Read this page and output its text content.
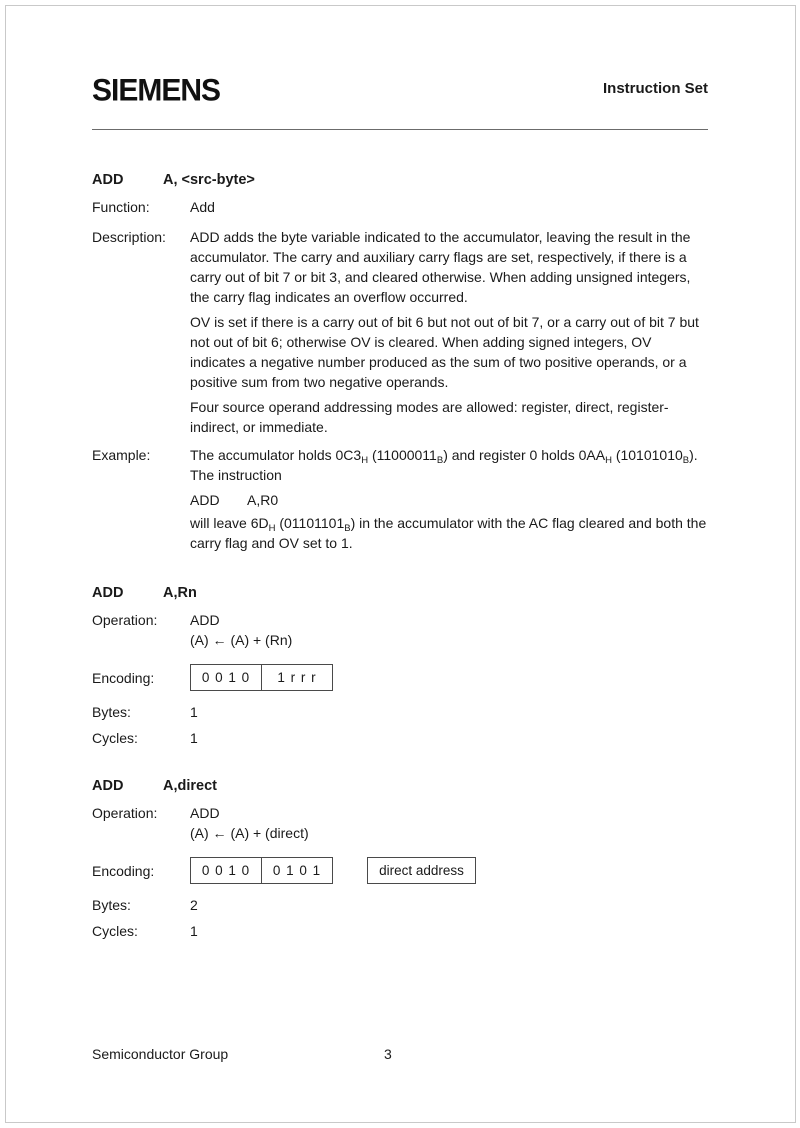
SIEMENS	Instruction Set
ADD	A, <src-byte>
Function:	Add
Description:	ADD adds the byte variable indicated to the accumulator, leaving the result in the accumulator. The carry and auxiliary carry flags are set, respectively, if there is a carry out of bit 7 or bit 3, and cleared otherwise. When adding unsigned integers, the carry flag indicates an overflow occurred.

OV is set if there is a carry out of bit 6 but not out of bit 7, or a carry out of bit 7 but not out of bit 6; otherwise OV is cleared. When adding signed integers, OV indicates a negative number produced as the sum of two positive operands, or a positive sum from two negative operands.

Four source operand addressing modes are allowed: register, direct, register-indirect, or immediate.

Example:	The accumulator holds $0C3_H$ $(11000011_B)$ and register 0 holds $0AA_H$ $(10101010_B)$. The instruction

ADD A,R0

will leave $6D_H$ $(01101101_B)$ in the accumulator with the AC flag cleared and both the carry flag and OV set to 1.

ADD	A,Rn
Operation:	ADD
(A) ← (A) + (Rn)
Encoding:	0 0 1 0	1 r r r
Bytes:	1
Cycles:	1
ADD	A,direct
Operation:	ADD
(A) ← (A) + (direct)
Encoding:	0 0 1 0	0 1 0 1	direct address
Bytes:	2
Cycles:	1
Semiconductor Group	3
